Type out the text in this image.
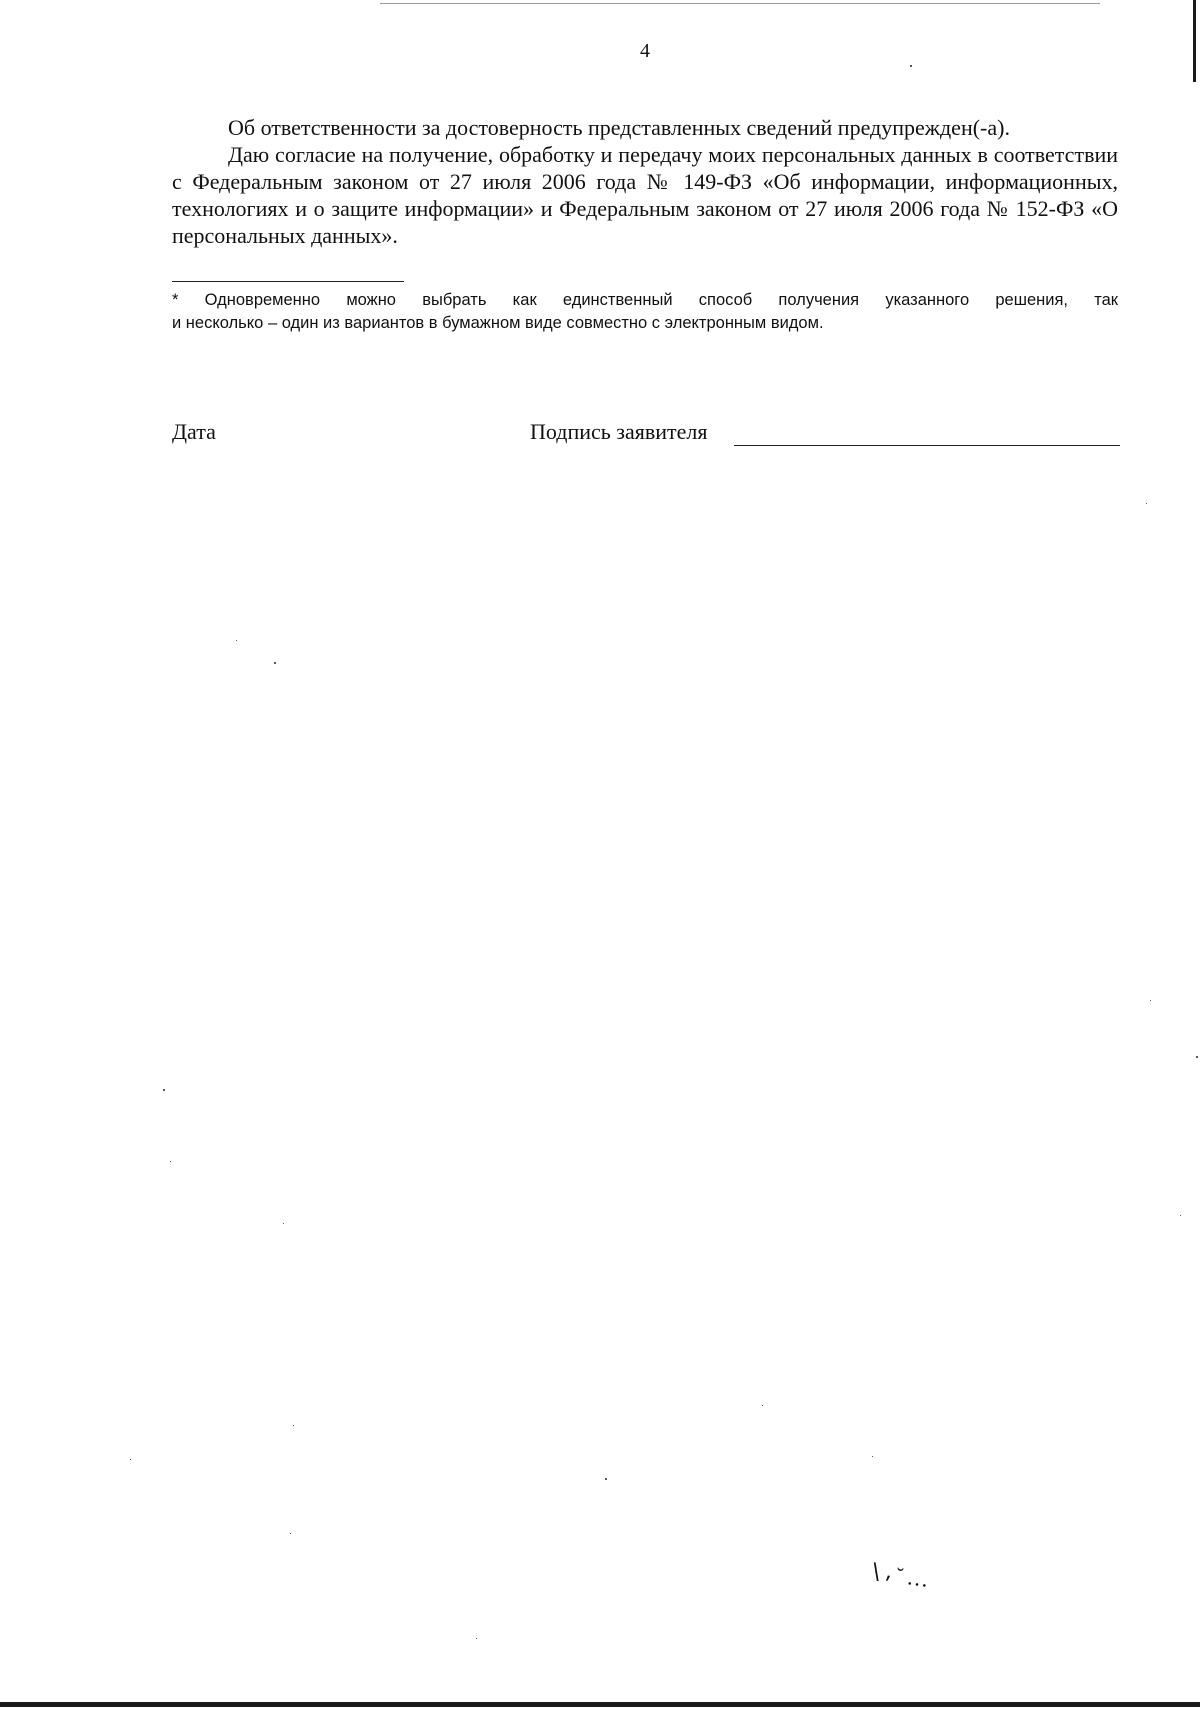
4

Об ответственности за достоверность представленных сведений предупрежден(-а).

Даю согласие на получение, обработку и передачу моих персональных данных в соответствии с Федеральным законом от 27 июля 2006 года № 149-ФЗ «Об информации, информационных, технологиях и о защите информации» и Федеральным законом от 27 июля 2006 года № 152-ФЗ «О персональных данных».

* Одновременно можно выбрать как единственный способ получения указанного решения, так
и несколько – один из вариантов в бумажном виде совместно с электронным видом.
Дата	Подпись заявителя
∖⸴˘…
